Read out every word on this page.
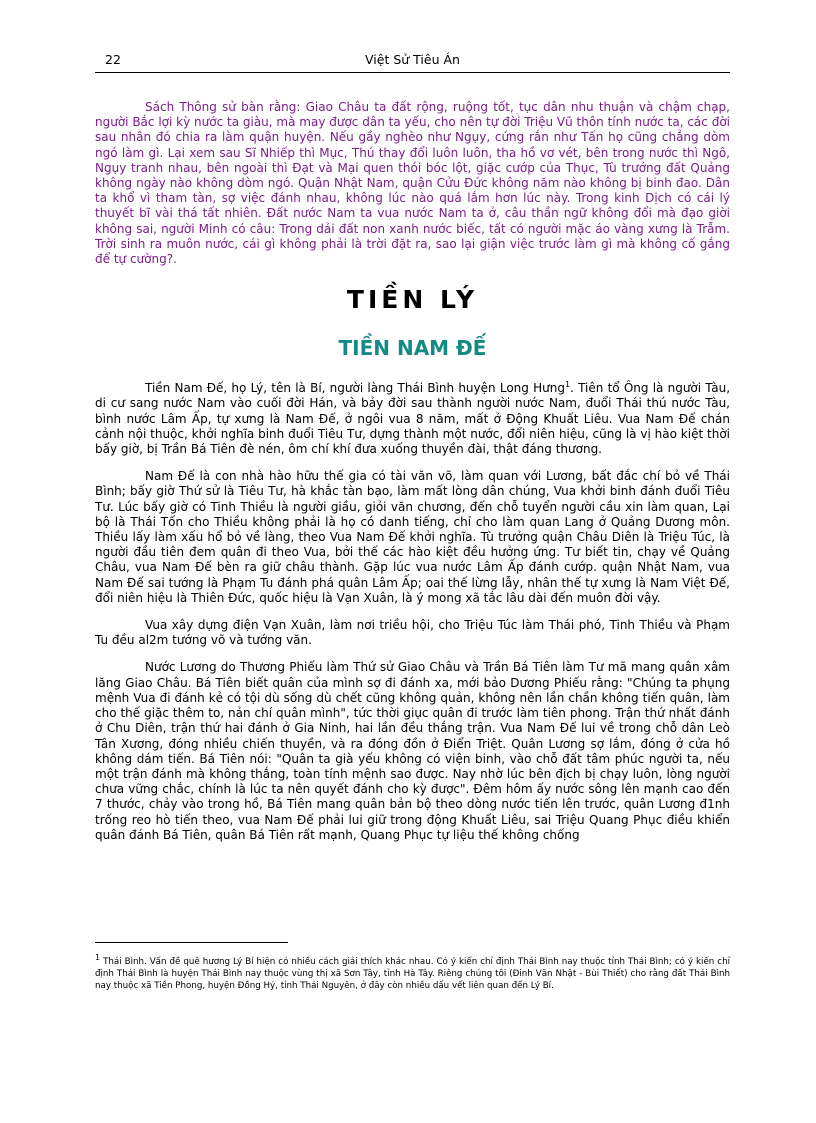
22	Việt Sử Tiêu Án

Sách Thông sử bàn rằng: Giao Châu ta đất rộng, ruộng tốt, tục dân nhu thuận và chậm chạp, người Bắc lợi kỳ nước ta giàu, mà may được dân ta yếu, cho nên tự đời Triệu Vũ thôn tính nước ta, các đời sau nhân đó chia ra làm quận huyện. Nếu gầy nghèo như Ngụy, cứng rắn như Tấn họ cũng chẳng dòm ngó làm gì. Lại xem sau Sĩ Nhiếp thì Mục, Thú thay đổi luôn luôn, tha hồ vơ vét, bên trong nước thì Ngô, Ngụy tranh nhau, bên ngoài thì Đạt và Mại quen thói bóc lột, giặc cướp của Thục, Tù trưởng đất Quảng không ngày nào không dòm ngó. Quận Nhật Nam, quận Cửu Đức không năm nào không bị binh đao. Dân ta khổ vì tham tàn, sợ việc đánh nhau, không lúc nào quá lắm hơn lúc này. Trong kinh Dịch có cái lý thuyết bĩ vài thá tất nhiên. Đất nước Nam ta vua nước Nam ta ở, câu thần ngữ không đổi mà đạo giời không sai, người Minh có câu: Trong dải đất non xanh nước biếc, tất có người mặc áo vàng xưng là Trẫm. Trời sinh ra muôn nước, cái gì không phải là trời đặt ra, sao lại giận việc trước làm gì mà không cố gắng để tự cường?.

TIỀN LÝ
TIỀN NAM ĐẾ

Tiền Nam Đế, họ Lý, tên là Bí, người làng Thái Bình huyện Long Hưng$^1$. Tiên tổ Ông là người Tàu, di cư sang nước Nam vào cuối đời Hán, và bảy đời sau thành người nước Nam, đuổi Thái thú nước Tàu, bình nước Lâm Ấp, tự xưng là Nam Đế, ở ngôi vua 8 năm, mất ở Động Khuất Liêu. Vua Nam Đế chán cảnh nội thuộc, khởi nghĩa binh đuổi Tiêu Tư, dựng thành một nước, đổi niên hiệu, cũng là vị hào kiệt thời bấy giờ, bị Trần Bá Tiên đè nén, ôm chí khí đưa xuống thuyền đài, thật đáng thương.

Nam Đế là con nhà hào hữu thế gia có tài văn võ, làm quan với Lương, bất đắc chí bỏ về Thái Bình; bấy giờ Thứ sử là Tiêu Tư, hà khắc tàn bạo, làm mất lòng dân chúng, Vua khởi binh đánh đuổi Tiêu Tư. Lúc bấy giờ có Tinh Thiều là người giầu, giỏi văn chương, đến chỗ tuyển người cầu xin làm quan, Lại bộ là Thái Tốn cho Thiều không phải là họ có danh tiếng, chỉ cho làm quan Lang ở Quảng Dương môn. Thiều lấy làm xấu hổ bỏ về làng, theo Vua Nam Đế khởi nghĩa. Tù trưởng quận Châu Diên là Triệu Túc, là người đầu tiên đem quân đi theo Vua, bởi thế các hào kiệt đều hưởng ứng. Tư biết tin, chạy về Quảng Châu, vua Nam Đế bèn ra giữ châu thành. Gặp lúc vua nước Lâm Ấp đánh cướp. quận Nhật Nam, vua Nam Đế sai tướng là Phạm Tu đánh phá quân Lâm Ấp; oai thế lừng lẫy, nhân thế tự xưng là Nam Việt Đế, đổi niên hiệu là Thiên Đức, quốc hiệu là Vạn Xuân, là ý mong xã tắc lâu dài đến muôn đời vậy.

Vua xây dựng điện Vạn Xuân, làm nơi triều hội, cho Triệu Túc làm Thái phó, Tinh Thiều và Phạm Tu đều al2m tướng võ và tướng văn.

Nước Lương do Thương Phiếu làm Thứ sử Giao Châu và Trần Bá Tiên làm Tư mã mang quân xâm lăng Giao Châu. Bá Tiên biết quân của mình sợ đi đánh xa, mới bảo Dương Phiếu rằng: "Chúng ta phụng mệnh Vua đi đánh kẻ có tội dù sống dù chết cũng không quản, không nên lần chần không tiến quân, làm cho thế giặc thêm to, nản chí quân mình", tức thời giục quân đi trước làm tiên phong. Trận thứ nhất đánh ở Chu Diên, trận thứ hai đánh ở Gia Ninh, hai lần đều thắng trận. Vua Nam Đế lui về trong chỗ dân Leò Tân Xương, đóng nhiều chiến thuyền, và ra đóng đồn ở Điển Triệt. Quân Lương sợ lắm, đóng ở cửa hồ không dám tiến. Bá Tiên nói: "Quân ta già yếu không có viện binh, vào chỗ đất tâm phúc người ta, nếu một trận đánh mà không thắng, toàn tính mệnh sao được. Nay nhờ lúc bên địch bị chạy luôn, lòng người chưa vững chắc, chính là lúc ta nên quyết đánh cho kỳ được". Đêm hôm ấy nước sông lên mạnh cao đến 7 thước, chảy vào trong hồ, Bá Tiên mang quân bản bộ theo dòng nước tiến lên trước, quân Lương đ1nh trống reo hò tiến theo, vua Nam Đế phải lui giữ trong động Khuất Liêu, sai Triệu Quang Phục điều khiển quân đánh Bá Tiên, quân Bá Tiên rất mạnh, Quang Phục tự liệu thế không chống

$^1$ Thái Bình. Vấn đề quê hương Lý Bí hiện có nhiều cách giải thích khác nhau. Có ý kiến chỉ định Thái Bình nay thuộc tỉnh Thái Bình; có ý kiến chỉ định Thái Bình là huyện Thái Bình nay thuộc vùng thị xã Sơn Tây, tỉnh Hà Tây. Riêng chúng tôi (Đinh Văn Nhật - Bùi Thiết) cho rằng đất Thái Bình nay thuộc xã Tiền Phong, huyện Đồng Hỷ, tỉnh Thái Nguyên, ở đây còn nhiều dấu vết liên quan đến Lý Bí.
